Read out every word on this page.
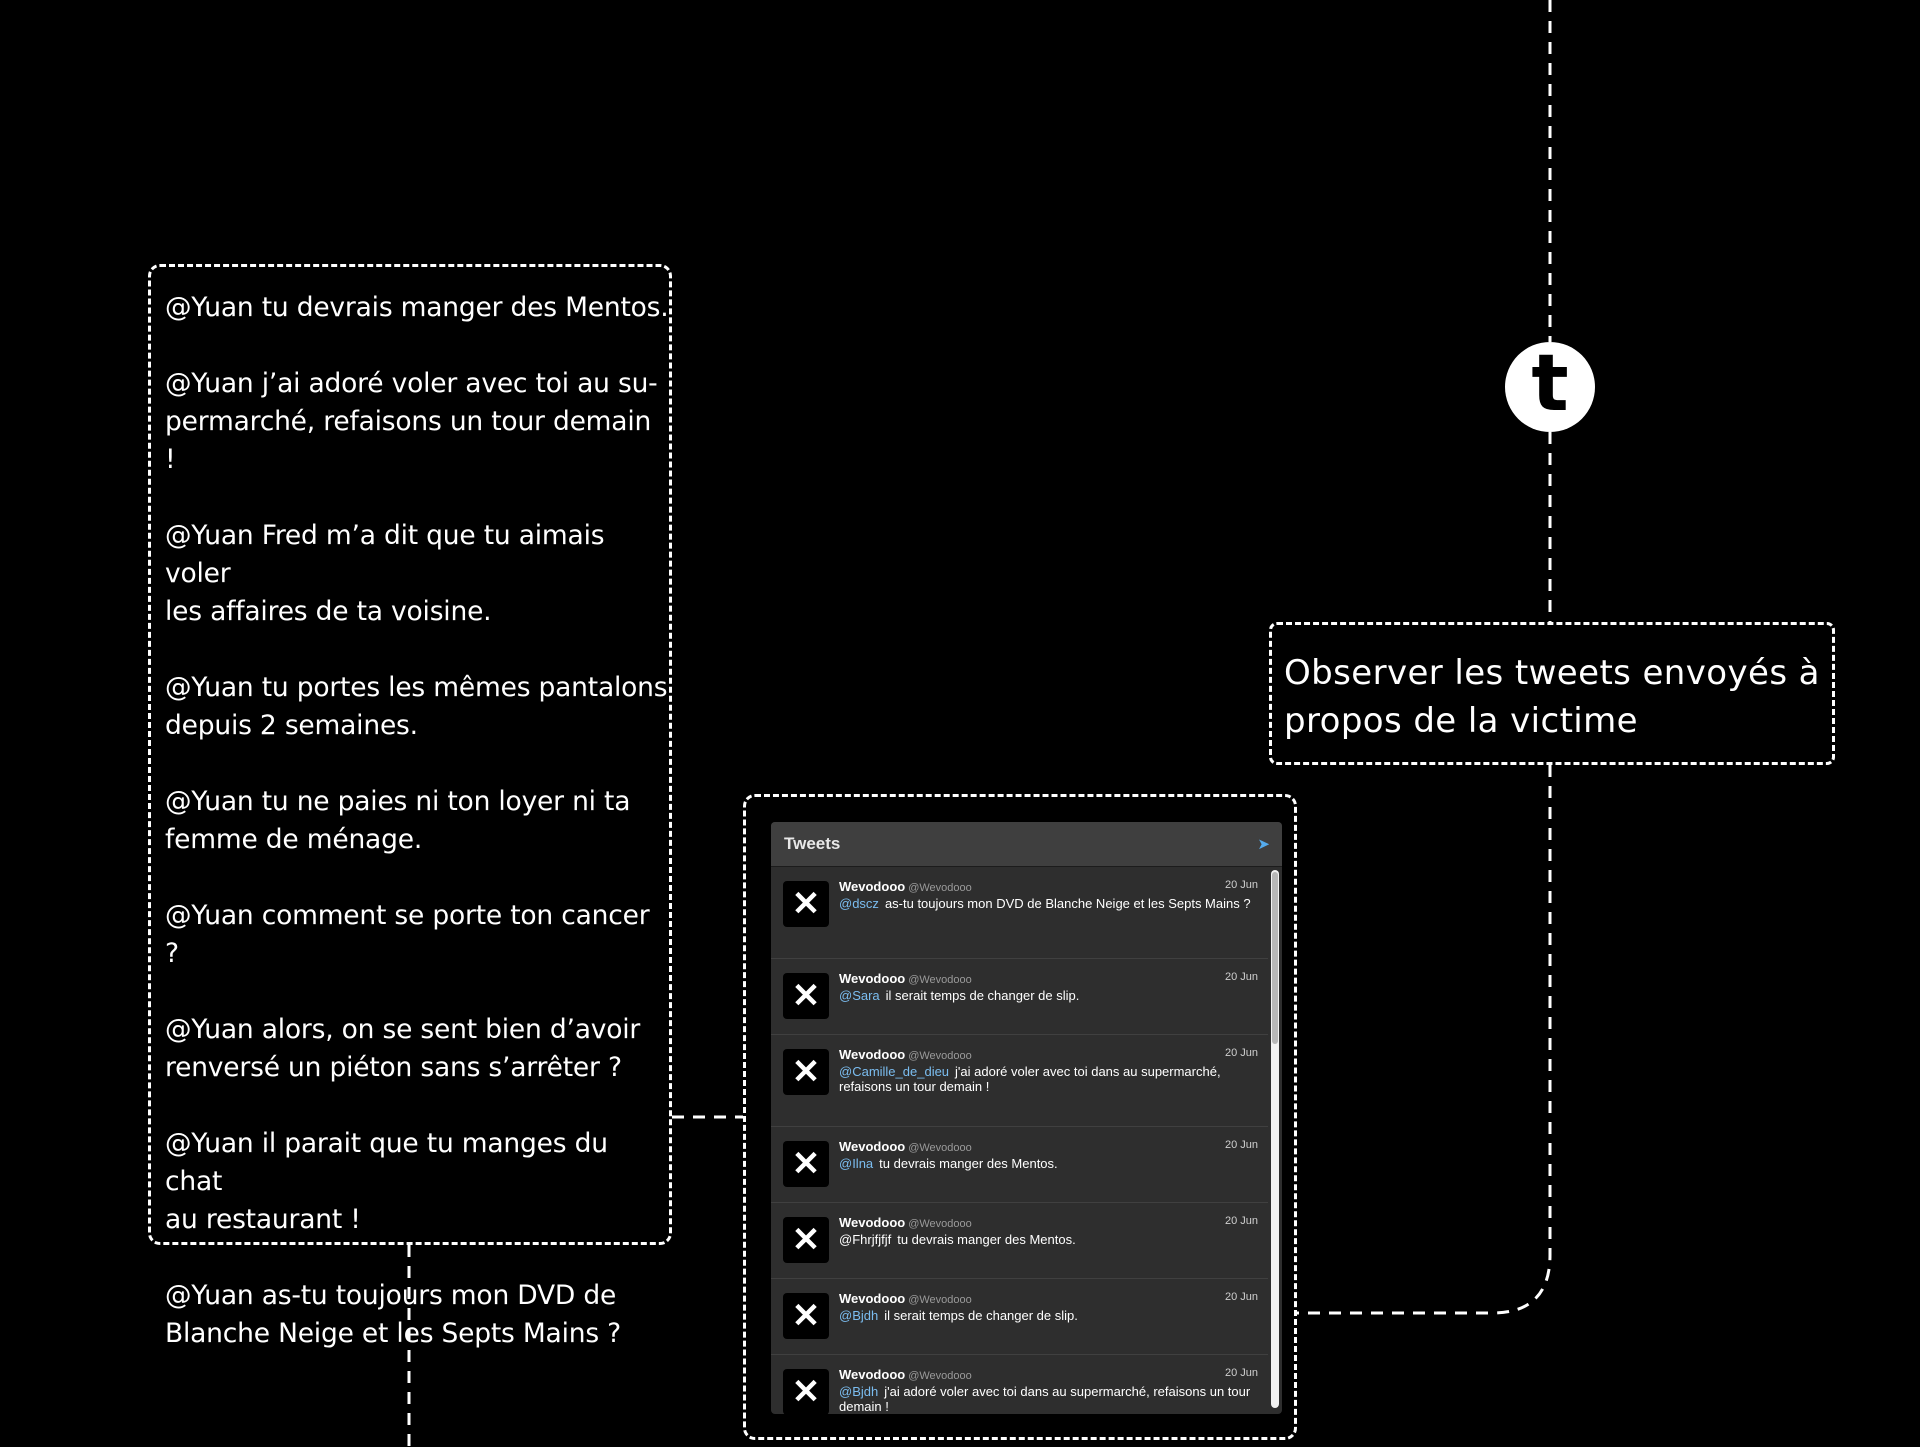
t
@Yuan tu devrais manger des Mentos.
@Yuan j’ai adoré voler avec toi au su-
permarché, refaisons un tour demain !
@Yuan Fred m’a dit que tu aimais voler
les affaires de ta voisine.
@Yuan tu portes les mêmes pantalons
depuis 2 semaines.
@Yuan tu ne paies ni ton loyer ni ta
femme de ménage.
@Yuan comment se porte ton cancer
?
@Yuan alors, on se sent bien d’avoir
renversé un piéton sans s’arrêter ?
@Yuan il parait que tu manges du chat
au restaurant !
@Yuan as-tu toujours mon DVD de
Blanche Neige et les Septs Mains ?
Observer les tweets envoyés à
propos de la victime
Tweets	➤
✕	Wevodooo @Wevodooo	20 Jun
@dscz as-tu toujours mon DVD de Blanche Neige et les Septs Mains ?
✕	Wevodooo @Wevodooo	20 Jun
@Sara il serait temps de changer de slip.
✕	Wevodooo @Wevodooo	20 Jun
@Camille_de_dieu j'ai adoré voler avec toi dans au supermarché, refaisons un tour demain !
✕	Wevodooo @Wevodooo	20 Jun
@Ilna tu devrais manger des Mentos.
✕	Wevodooo @Wevodooo	20 Jun
@Fhrjfjfjf tu devrais manger des Mentos.
✕	Wevodooo @Wevodooo	20 Jun
@Bjdh il serait temps de changer de slip.
✕	Wevodooo @Wevodooo	20 Jun
@Bjdh j'ai adoré voler avec toi dans au supermarché, refaisons un tour demain !
